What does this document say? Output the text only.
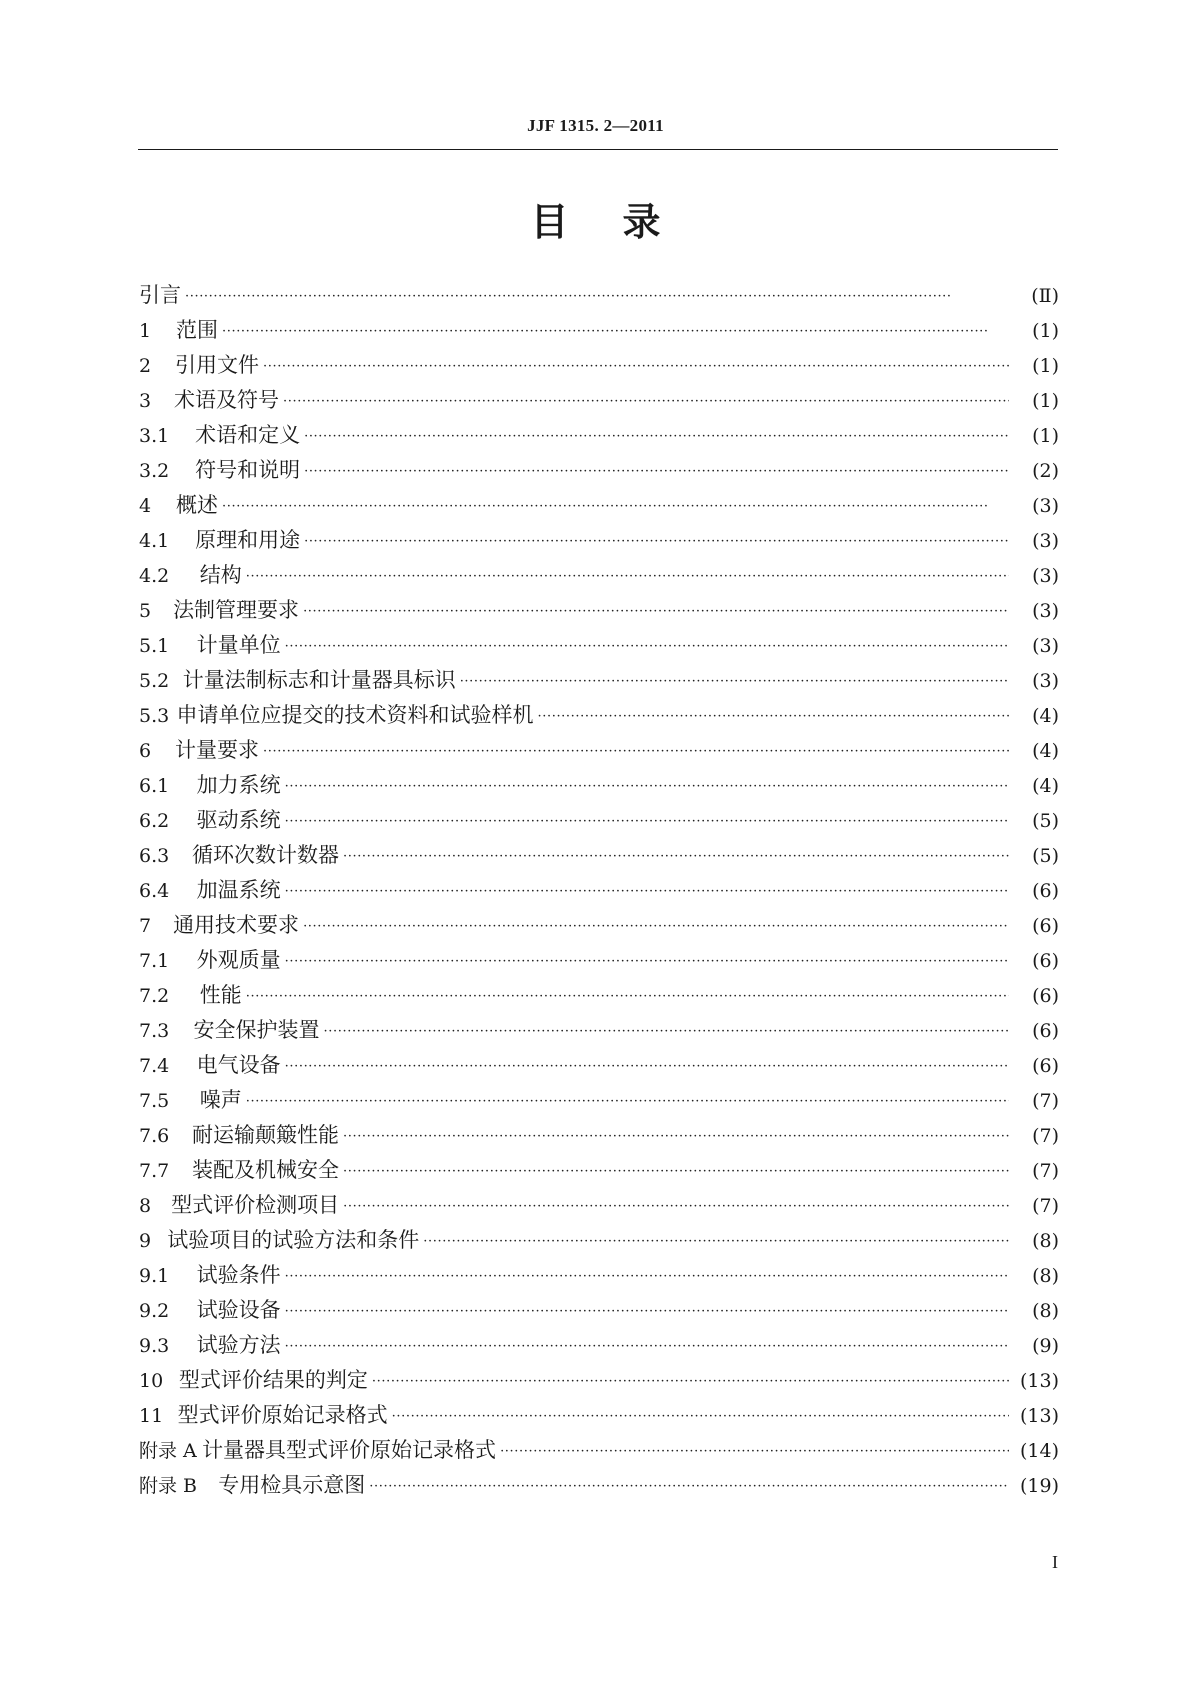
JJF 1315. 2—2011
目 录
引言 ·····	(Ⅱ)
1	范围 ·····	(1)
2	引用文件 ·····	(1)
3	术语及符号 ·····	(1)
3.1	术语和定义 ·····	(1)
3.2	符号和说明 ·····	(2)
4	概述 ·····	(3)
4.1	原理和用途 ·····	(3)
4.2	结构 ·····	(3)
5	法制管理要求 ·····	(3)
5.1	计量单位 ·····	(3)
5.2 计量法制标志和计量器具标识 ·····	(3)
5.3 申请单位应提交的技术资料和试验样机 ·····	(4)
6	计量要求 ·····	(4)
6.1	加力系统 ·····	(4)
6.2	驱动系统 ·····	(5)
6.3	循环次数计数器 ·····	(5)
6.4	加温系统 ·····	(6)
7	通用技术要求 ·····	(6)
7.1	外观质量 ·····	(6)
7.2	性能 ·····	(6)
7.3	安全保护装置 ·····	(6)
7.4	电气设备 ·····	(6)
7.5	噪声 ·····	(7)
7.6	耐运输颠簸性能 ·····	(7)
7.7	装配及机械安全 ·····	(7)
8 型式评价检测项目 ·····	(7)
9 试验项目的试验方法和条件 ·····	(8)
9.1	试验条件 ·····	(8)
9.2	试验设备 ·····	(8)
9.3	试验方法 ·····	(9)
10 型式评价结果的判定 ·····	(13)
11 型式评价原始记录格式 ·····	(13)
附录 A 计量器具型式评价原始记录格式 ·····	(14)
附录 B	专用检具示意图 ·····	(19)
I
